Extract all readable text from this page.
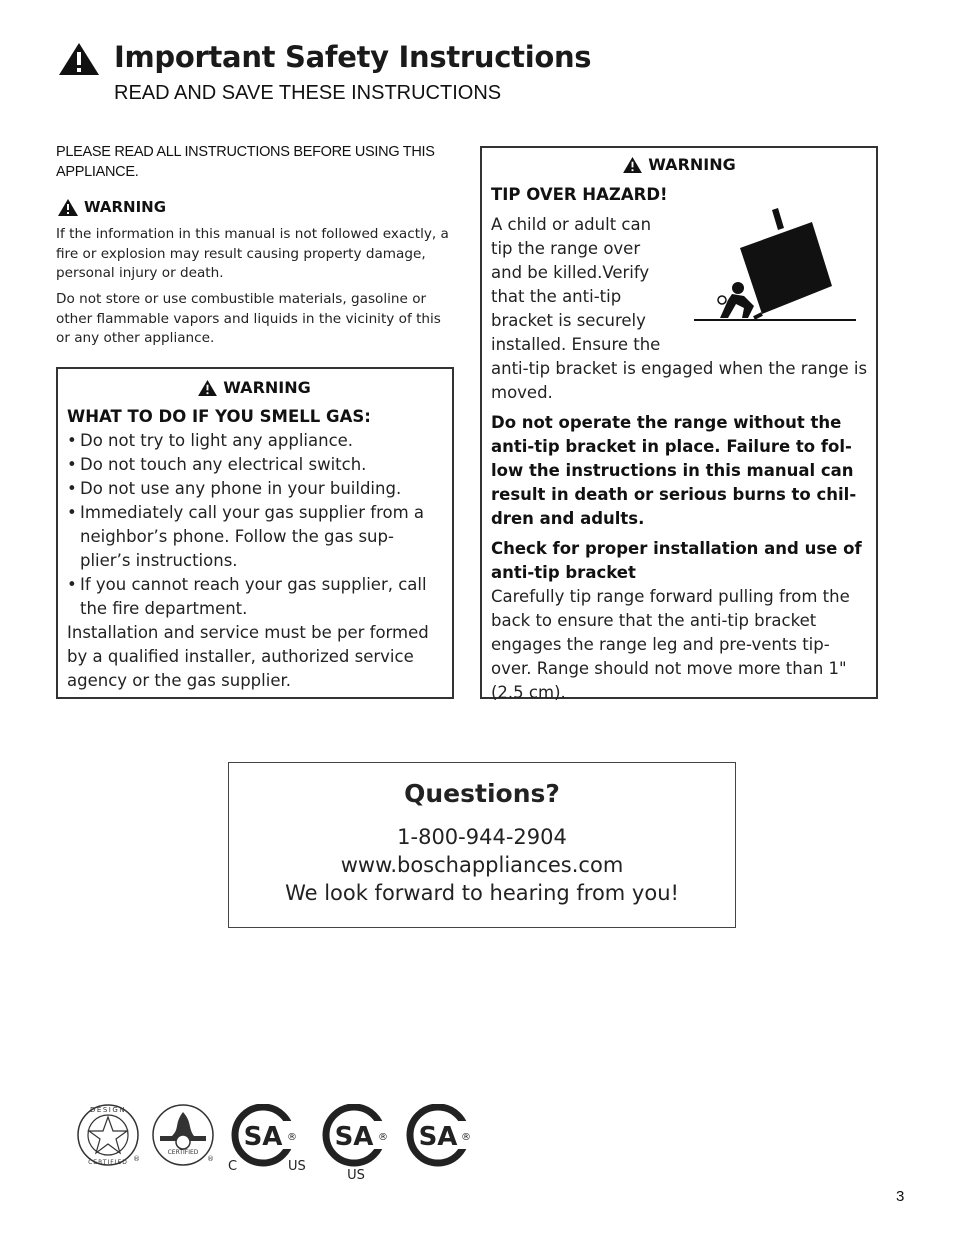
Important Safety Instructions
READ AND SAVE THESE INSTRUCTIONS
PLEASE READ ALL INSTRUCTIONS BEFORE USING THIS APPLIANCE.
WARNING
If the information in this manual is not followed exactly, a fire or explosion may result causing property damage, personal injury or death.
Do not store or use combustible materials, gasoline or other flammable vapors and liquids in the vicinity of this or any other appliance.
WARNING
WHAT TO DO IF YOU SMELL GAS:
• Do not try to light any appliance.
• Do not touch any electrical switch.
• Do not use any phone in your building.
• Immediately call your gas supplier from a neighbor’s phone. Follow the gas sup-plier’s instructions.
• If you cannot reach your gas supplier, call the fire department.
Installation and service must be per formed by a qualified installer, authorized service agency or the gas supplier.
WARNING
TIP OVER HAZARD!
A child or adult can tip the range over and be killed.Verify that the anti-tip bracket is securely installed. Ensure the anti-tip bracket is engaged when the range is moved.
Do not operate the range without the anti-tip bracket in place. Failure to fol-low the instructions in this manual can result in death or serious burns to chil-dren and adults.
Check for proper installation and use of anti-tip bracket
Carefully tip range forward pulling from the back to ensure that the anti-tip bracket engages the range leg and pre-vents tip-over. Range should not move more than 1" (2.5 cm).
Questions?
1-800-944-2904
www.boschappliances.com
We look forward to hearing from you!
DESIGN
CERTIFIED ®
CERTIFIED
®
SA
C	US
® SA
US
® SA ®
3
